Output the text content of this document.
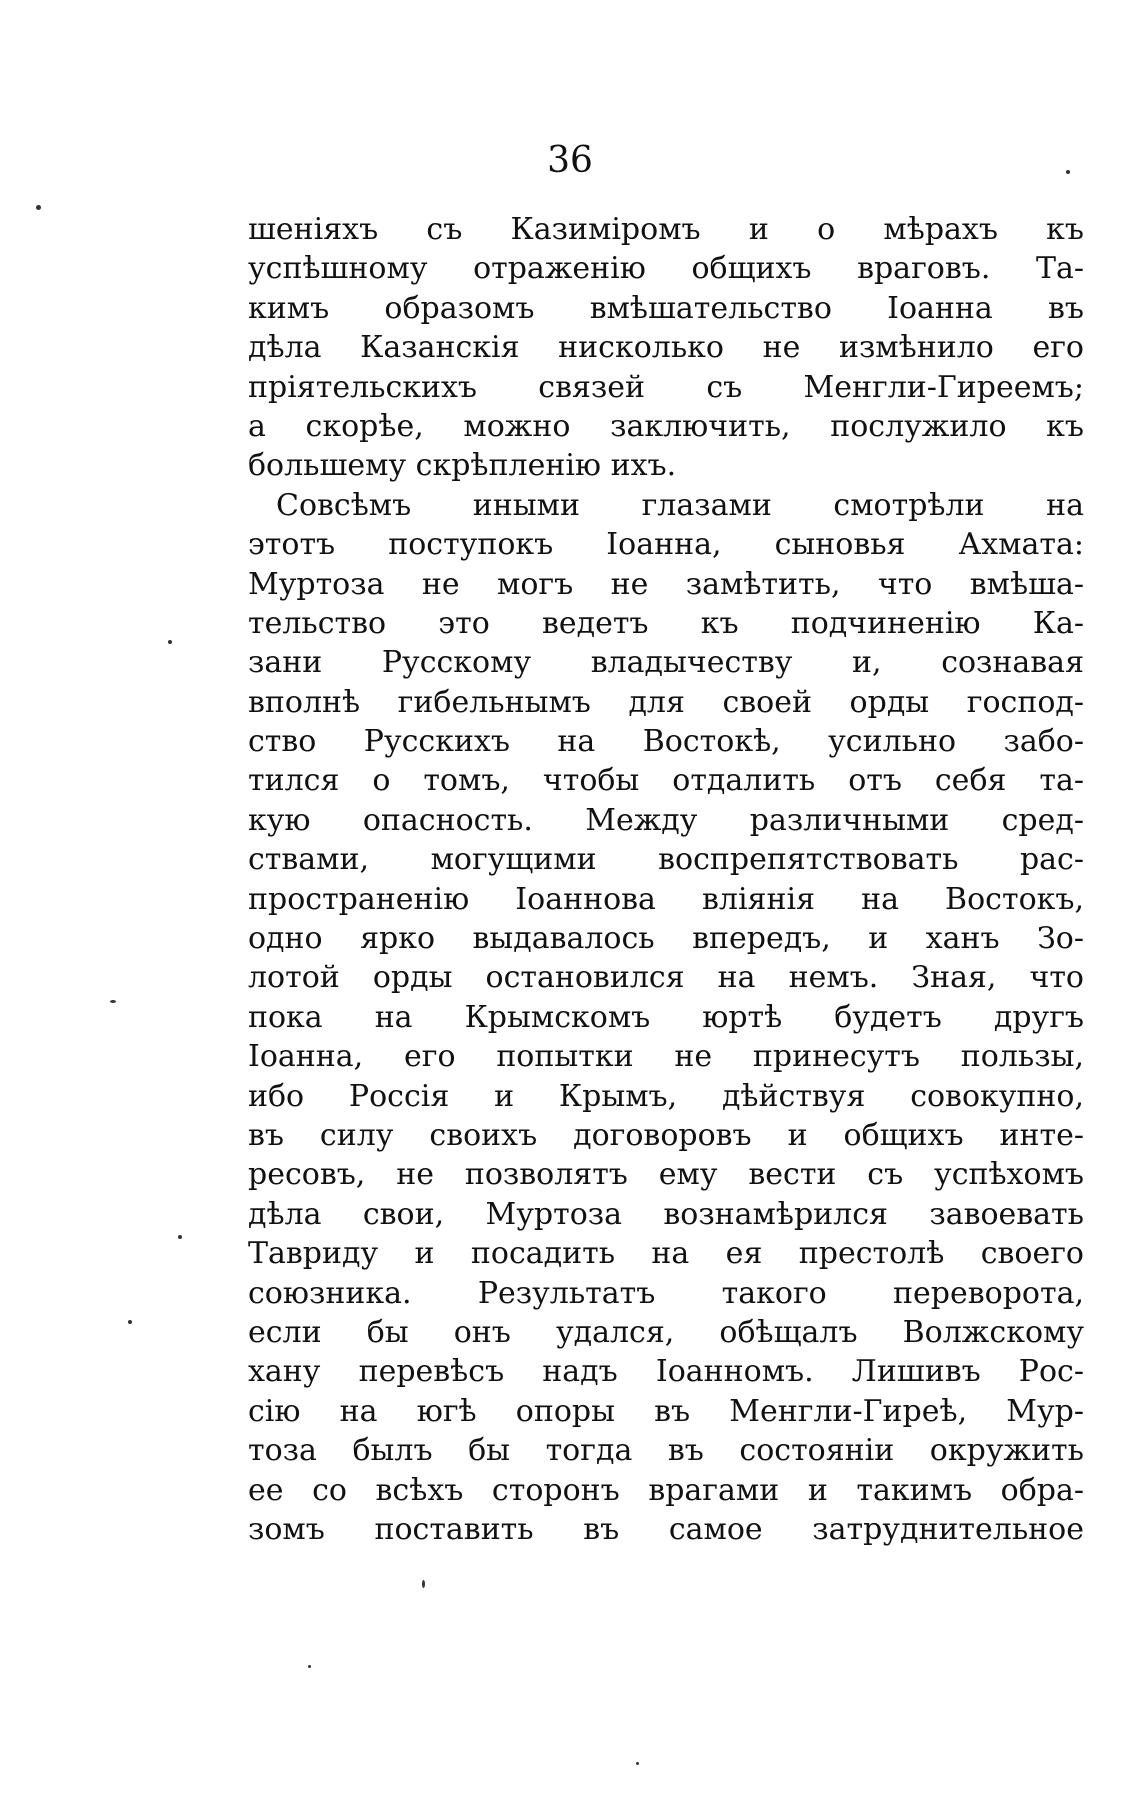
36
шеніяхъ съ Казиміромъ и о мѣрахъ къ
успѣшному отраженію общихъ враговъ. Та-
кимъ образомъ вмѣшательство Іоанна въ
дѣла Казанскія нисколько не измѣнило его
пріятельскихъ связей съ Менгли-Гиреемъ;
а скорѣе, можно заключить, послужило къ
большему скрѣпленію ихъ.
Совсѣмъ иными глазами смотрѣли на
этотъ поступокъ Іоанна, сыновья Ахмата:
Муртоза не могъ не замѣтить, что вмѣша-
тельство это ведетъ къ подчиненію Ка-
зани Русскому владычеству и, сознавая
вполнѣ гибельнымъ для своей орды господ-
ство Русскихъ на Востокѣ, усильно забо-
тился о томъ, чтобы отдалить отъ себя та-
кую опасность. Между различными сред-
ствами, могущими воспрепятствовать рас-
пространенію Іоаннова вліянія на Востокъ,
одно ярко выдавалось впередъ, и ханъ Зо-
лотой орды остановился на немъ. Зная, что
пока на Крымскомъ юртѣ будетъ другъ
Іоанна, его попытки не принесутъ пользы,
ибо Россія и Крымъ, дѣйствуя совокупно,
въ силу своихъ договоровъ и общихъ инте-
ресовъ, не позволятъ ему вести съ успѣхомъ
дѣла свои, Муртоза вознамѣрился завоевать
Тавриду и посадить на ея престолѣ своего
союзника. Результатъ такого переворота,
если бы онъ удался, обѣщалъ Волжскому
хану перевѣсъ надъ Іоанномъ. Лишивъ Рос-
сію на югѣ опоры въ Менгли-Гиреѣ, Мур-
тоза былъ бы тогда въ состояніи окружить
ее со всѣхъ сторонъ врагами и такимъ обра-
зомъ поставить въ самое затруднительное
